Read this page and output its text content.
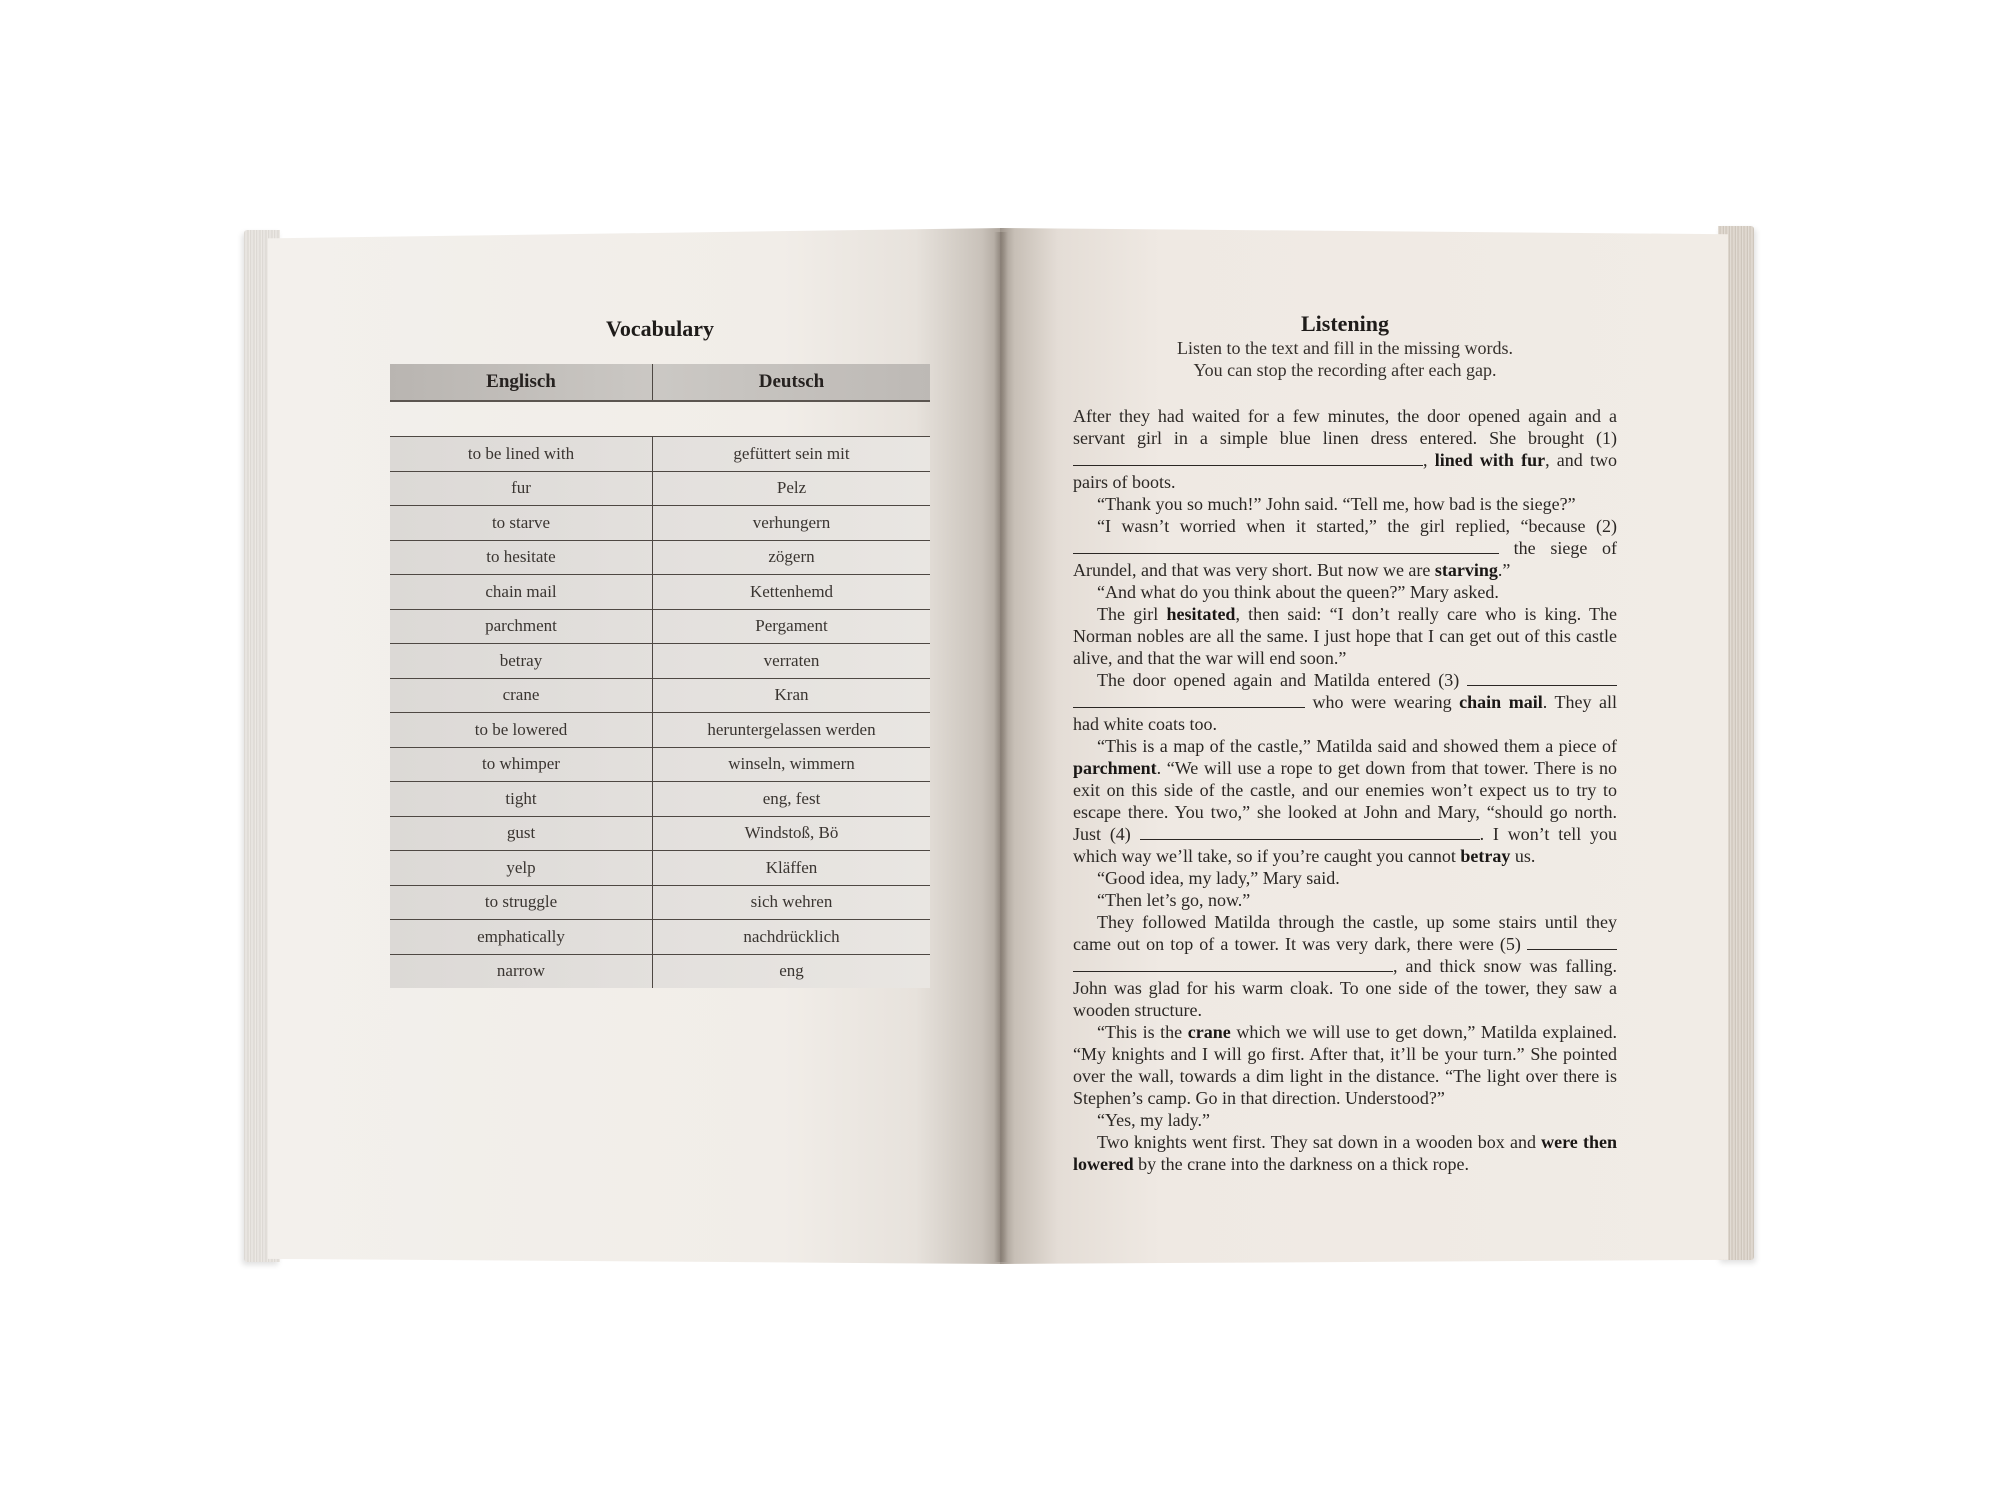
Vocabulary
Englisch	Deutsch
to be lined with	gefüttert sein mit
fur	Pelz
to starve	verhungern
to hesitate	zögern
chain mail	Kettenhemd
parchment	Pergament
betray	verraten
crane	Kran
to be lowered	heruntergelassen werden
to whimper	winseln, wimmern
tight	eng, fest
gust	Windstoß, Bö
yelp	Kläffen
to struggle	sich wehren
emphatically	nachdrücklich
narrow	eng
Listening
Listen to the text and fill in the missing words.
You can stop the recording after each gap.

After they had waited for a few minutes, the door opened again and a servant girl in a simple blue linen dress entered. She brought (1) , lined with fur, and two pairs of boots.

“Thank you so much!” John said. “Tell me, how bad is the siege?”

“I wasn’t worried when it started,” the girl replied, “because (2)  the siege of Arundel, and that was very short. But now we are starving.”

“And what do you think about the queen?” Mary asked.

The girl hesitated, then said: “I don’t really care who is king. The Norman nobles are all the same. I just hope that I can get out of this castle alive, and that the war will end soon.”

The door opened again and Matilda entered (3)   who were wearing chain mail. They all had white coats too.

“This is a map of the castle,” Matilda said and showed them a piece of parchment. “We will use a rope to get down from that tower. There is no exit on this side of the castle, and our enemies won’t expect us to try to escape there. You two,” she looked at John and Mary, “should go north. Just (4)	. I won’t tell you which way we’ll take, so if you’re caught you cannot betray us.

“Good idea, my lady,” Mary said.

“Then let’s go, now.”

They followed Matilda through the castle, up some stairs until they came out on top of a tower. It was very dark, there were (5)  , and thick snow was falling. John was glad for his warm cloak. To one side of the tower, they saw a wooden structure.

“This is the crane which we will use to get down,” Matilda explained. “My knights and I will go first. After that, it’ll be your turn.” She pointed over the wall, towards a dim light in the distance. “The light over there is Stephen’s camp. Go in that direction. Understood?”

“Yes, my lady.”

Two knights went first. They sat down in a wooden box and were then lowered by the crane into the darkness on a thick rope.
